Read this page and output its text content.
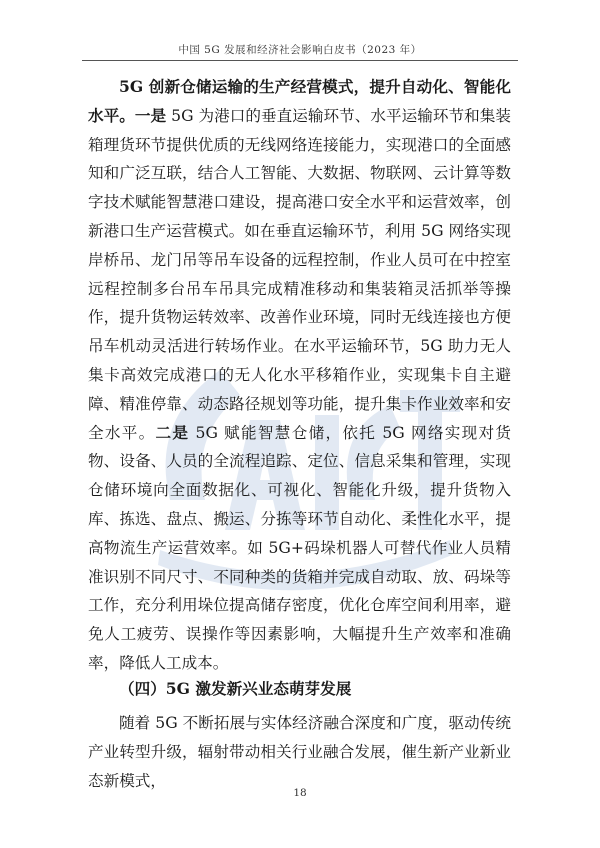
中国 5G 发展和经济社会影响白皮书（2023 年）

5G 创新仓储运输的生产经营模式，提升自动化、智能化水平。一是 5G 为港口的垂直运输环节、水平运输环节和集装箱理货环节提供优质的无线网络连接能力，实现港口的全面感知和广泛互联，结合人工智能、大数据、物联网、云计算等数字技术赋能智慧港口建设，提高港口安全水平和运营效率，创新港口生产运营模式。如在垂直运输环节，利用 5G 网络实现岸桥吊、龙门吊等吊车设备的远程控制，作业人员可在中控室远程控制多台吊车吊具完成精准移动和集装箱灵活抓举等操作，提升货物运转效率、改善作业环境，同时无线连接也方便吊车机动灵活进行转场作业。在水平运输环节，5G 助力无人集卡高效完成港口的无人化水平移箱作业，实现集卡自主避障、精准停靠、动态路径规划等功能，提升集卡作业效率和安全水平。二是 5G 赋能智慧仓储，依托 5G 网络实现对货物、设备、人员的全流程追踪、定位、信息采集和管理，实现仓储环境向全面数据化、可视化、智能化升级，提升货物入库、拣选、盘点、搬运、分拣等环节自动化、柔性化水平，提高物流生产运营效率。如 5G+码垛机器人可替代作业人员精准识别不同尺寸、不同种类的货箱并完成自动取、放、码垛等工作，充分利用垛位提高储存密度，优化仓库空间利用率，避免人工疲劳、误操作等因素影响，大幅提升生产效率和准确率，降低人工成本。

（四）5G 激发新兴业态萌芽发展

随着 5G 不断拓展与实体经济融合深度和广度，驱动传统产业转型升级，辐射带动相关行业融合发展，催生新产业新业态新模式，

18
